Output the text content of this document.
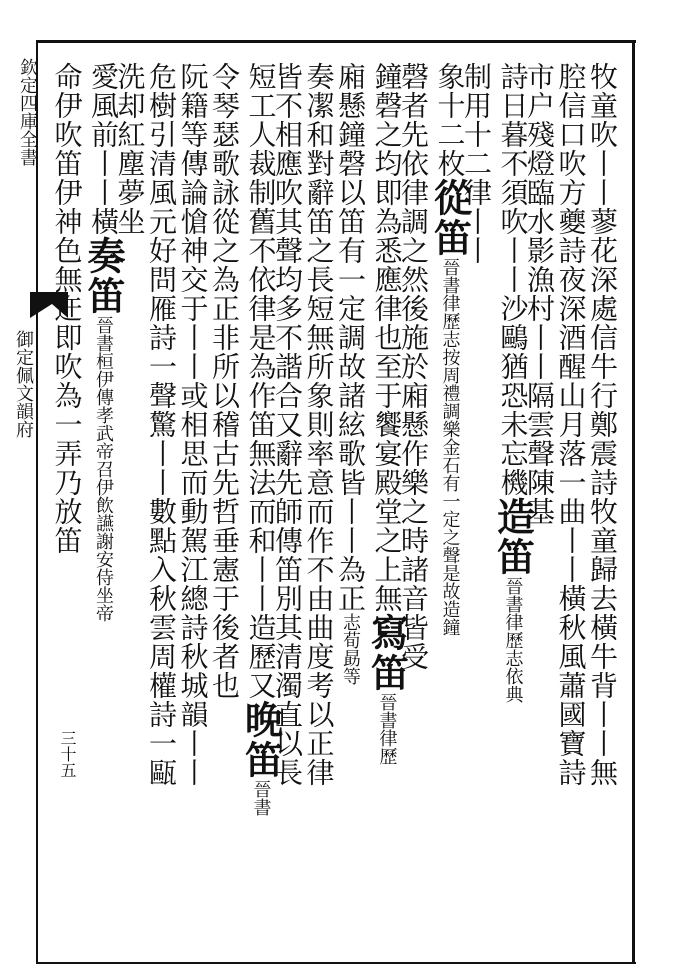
欽定四庫全書
御定佩文韻府
三十五	牧童吹丨丨蓼花深處信牛行鄭震詩牧童歸去橫牛背丨丨無
腔信口吹方夔詩夜深酒醒山月落一曲丨丨橫秋風蕭國寶詩
市户殘燈臨水影漁村丨丨隔雲聲陳基
詩日暮不須吹丨丨沙鷗猶恐未忘機造笛晉書律歷志依典
制用十二律丨丨
象十二枚從笛晉書律歷志按周禮調樂金石有一定之聲是故造鐘
磬者先依律調之然後施於廂懸作樂之時諸音皆受
鐘磬之均即為悉應律也至于饗宴殿堂之上無寫笛晉書律歷
廂懸鐘磬以笛有一定調故諸絃歌皆丨丨為正志荀勗等
奏㓗和對辭笛之長短無所象則率意而作不由曲度考以正律
皆不相應吹其聲均多不諧合又辭先師傳笛別其清濁直以長
短工人裁制舊不依律是為作笛無法而和丨丨造歷又晚笛晉書
令琴瑟歌詠從之為正非所以稽古先哲垂憲于後者也
阮籍等傳論愴神交于丨丨或相思而動駕江總詩秋城韻丨丨
危樹引清風元好問雁詩一聲驚丨丨數點入秋雲周權詩一甌
洗却紅塵夢坐
愛風前丨丨橫奏笛晉書桓伊傳孝武帝召伊飲讌謝安侍坐帝
命伊吹笛伊神色無迕即吹為一弄乃放笛
